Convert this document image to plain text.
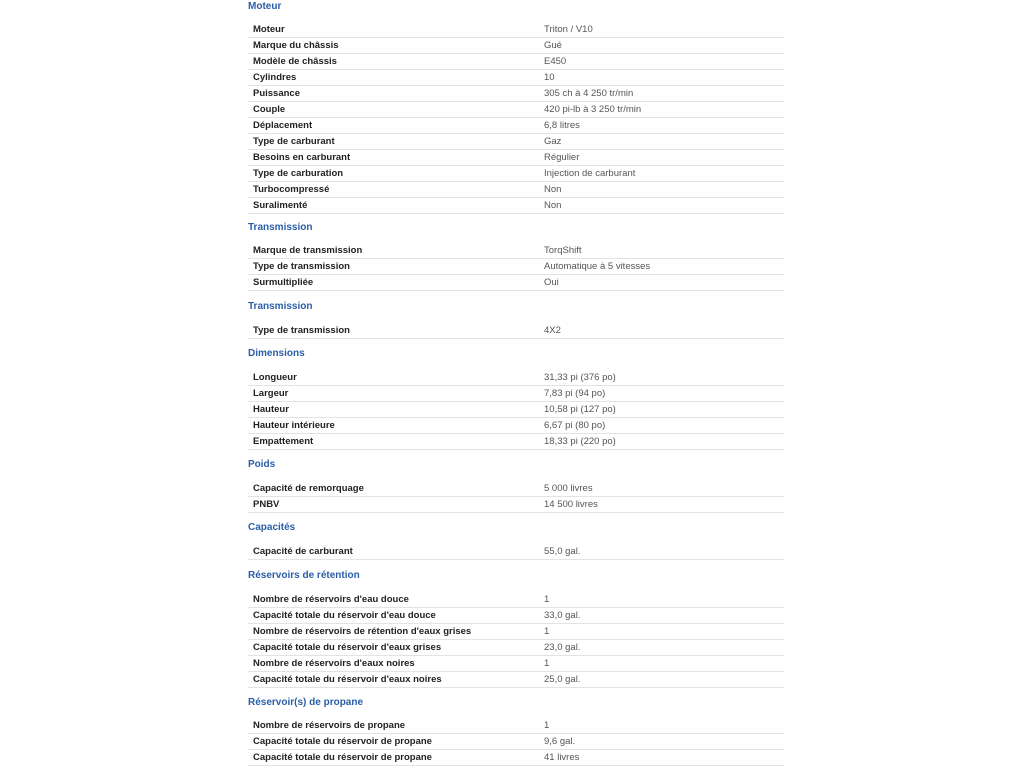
Moteur
Moteur	Triton / V10
Marque du châssis	Gué
Modèle de châssis	E450
Cylindres	10
Puissance	305 ch à 4 250 tr/min
Couple	420 pi-lb à 3 250 tr/min
Déplacement	6,8 litres
Type de carburant	Gaz
Besoins en carburant	Régulier
Type de carburation	Injection de carburant
Turbocompressé	Non
Suralimenté	Non
Transmission
Marque de transmission	TorqShift
Type de transmission	Automatique à 5 vitesses
Surmultipliée	Oui
Transmission
Type de transmission	4X2
Dimensions
Longueur	31,33 pi (376 po)
Largeur	7,83 pi (94 po)
Hauteur	10,58 pi (127 po)
Hauteur intérieure	6,67 pi (80 po)
Empattement	18,33 pi (220 po)
Poids
Capacité de remorquage	5 000 livres
PNBV	14 500 livres
Capacités
Capacité de carburant	55,0 gal.
Réservoirs de rétention
Nombre de réservoirs d'eau douce	1
Capacité totale du réservoir d'eau douce	33,0 gal.
Nombre de réservoirs de rétention d'eaux grises	1
Capacité totale du réservoir d'eaux grises	23,0 gal.
Nombre de réservoirs d'eaux noires	1
Capacité totale du réservoir d'eaux noires	25,0 gal.
Réservoir(s) de propane
Nombre de réservoirs de propane	1
Capacité totale du réservoir de propane	9,6 gal.
Capacité totale du réservoir de propane	41 livres
